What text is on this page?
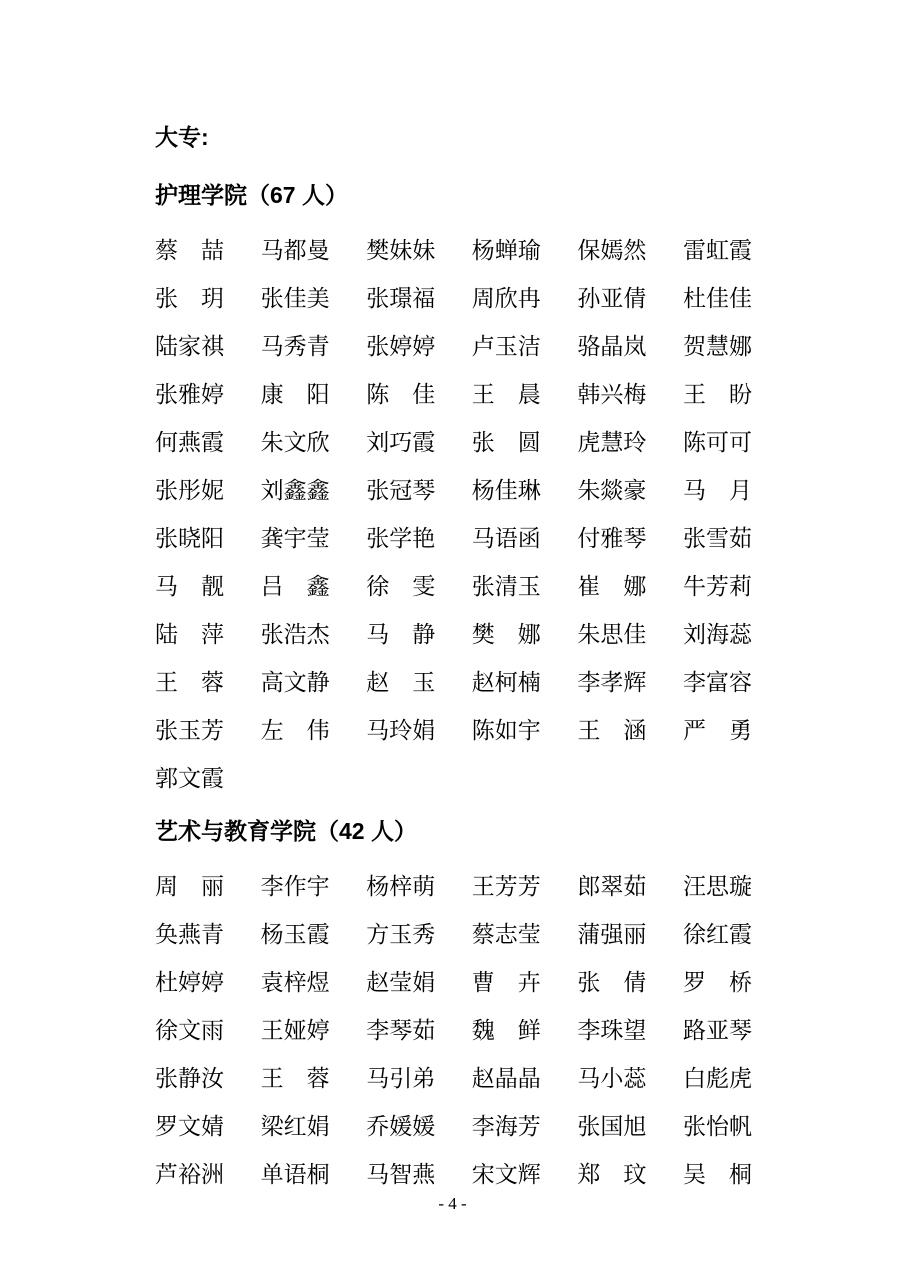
大专:
护理学院（67 人）
蔡　喆 马都曼 樊妹妹 杨蝉瑜 保嫣然 雷虹霞
张　玥 张佳美 张璟福 周欣冉 孙亚倩 杜佳佳
陆家祺 马秀青 张婷婷 卢玉洁 骆晶岚 贺慧娜
张雅婷 康　阳 陈　佳 王　晨 韩兴梅 王　盼
何燕霞 朱文欣 刘巧霞 张　圆 虎慧玲 陈可可
张彤妮 刘鑫鑫 张冠琴 杨佳琳 朱燚豪 马　月
张晓阳 龚宇莹 张学艳 马语函 付雅琴 张雪茹
马　靓 吕　鑫 徐　雯 张清玉 崔　娜 牛芳莉
陆　萍 张浩杰 马　静 樊　娜 朱思佳 刘海蕊
王　蓉 高文静 赵　玉 赵柯楠 李孝辉 李富容
张玉芳 左　伟 马玲娟 陈如宇 王　涵 严　勇
郭文霞
艺术与教育学院（42 人）
周　丽 李作宇 杨梓萌 王芳芳 郎翠茹 汪思璇
奂燕青 杨玉霞 方玉秀 蔡志莹 蒲强丽 徐红霞
杜婷婷 袁梓煜 赵莹娟 曹　卉 张　倩 罗　桥
徐文雨 王娅婷 李琴茹 魏　鲜 李珠望 路亚琴
张静汝 王　蓉 马引弟 赵晶晶 马小蕊 白彪虎
罗文婧 梁红娟 乔媛媛 李海芳 张国旭 张怡帆
芦裕洲 单语桐 马智燕 宋文辉 郑　玟 吴　桐
- 4 -
